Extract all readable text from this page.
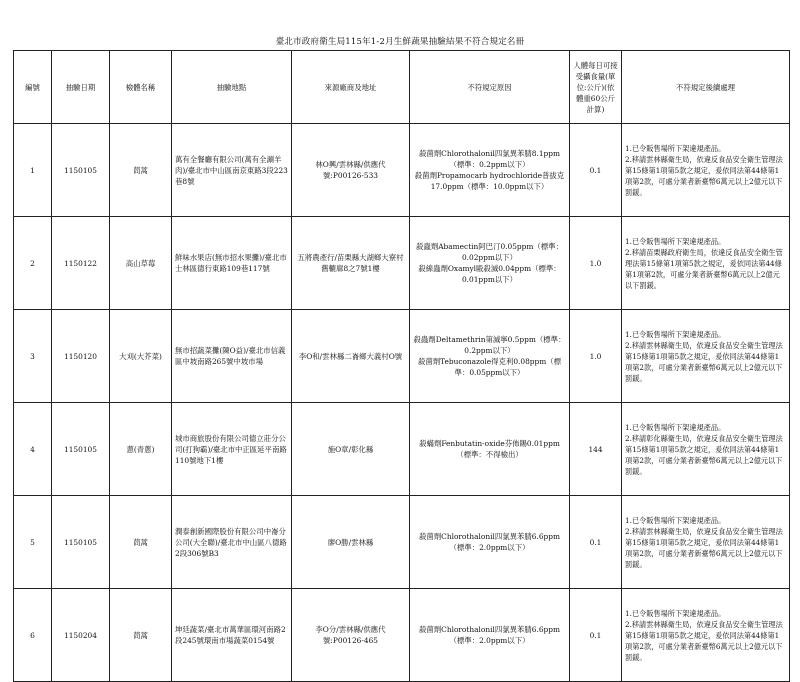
臺北市政府衛生局115年1-2月生鮮蔬果抽驗結果不符合規定名冊
編號	抽驗日期	檢體名稱	抽驗地點	來源廠商及地址	不符規定原因	人體每日可接受攝食量(單位:公斤)(依體重60公斤計算)	不符規定後續處理
1	1150105	茼蒿	萬有全餐廳有限公司(萬有全涮羊肉)/臺北市中山區南京東路3段223巷8號	林O興/雲林縣/供應代號:P00126-533	殺菌劑Chlorothalonil四氯異苯腈8.1ppm（標準：0.2ppm以下）
殺菌劑Propamocarb hydrochloride普拔克17.0ppm（標準：10.0ppm以下）	0.1	1.已令販售場所下架違規產品。
2.移請雲林縣衛生局，依違反食品安全衛生管理法第15條第1項第5款之規定，爰依同法第44條第1項第2款，可處分業者新臺幣6萬元以上2億元以下罰鍰。

2	1150122	高山草莓	鮮味水果店(無市招水果攤)/臺北市士林區德行東路109巷117號	五將農產行/苗栗縣大湖鄉大寮村舊轆廍8之7號1樓	殺蟲劑Abamectin阿巴汀0.05ppm（標準：0.02ppm以下）
殺線蟲劑Oxamyl毆殺滅0.04ppm（標準：0.01ppm以下）	1.0	1.已令販售場所下架違規產品。
2.移請苗栗縣政府衛生局，依違反食品安全衛生管理法第15條第1項第5款之規定，爰依同法第44條第1項第2款，可處分業者新臺幣6萬元以上2億元以下罰鍰。

3	1150120	大刈(大芥菜)	無市招蔬菜攤(陳O益)/臺北市信義區中坡南路265號中坡市場	李O和/雲林縣二崙鄉大義村O號	殺蟲劑Deltamethrin第滅寧0.5ppm（標準：0.2ppm以下）
殺菌劑Tebuconazole得克利0.08ppm（標準：0.05ppm以下）	1.0	1.已令販售場所下架違規產品。
2.移請雲林縣衛生局，依違反食品安全衛生管理法第15條第1項第5款之規定，爰依同法第44條第1項第2款，可處分業者新臺幣6萬元以上2億元以下罰鍰。

4	1150105	蔥(青蔥)	城市商旅股份有限公司德立莊分公司(打狗霸)/臺北市中正區延平南路110號地下1樓	施O章/彰化縣	殺蟎劑Fenbutatin-oxide芬佈賜0.01ppm（標準：不得檢出）	144	1.已令販售場所下架違規產品。
2.移請彰化縣衛生局，依違反食品安全衛生管理法第15條第1項第5款之規定，爰依同法第44條第1項第2款，可處分業者新臺幣6萬元以上2億元以下罰鍰。

5	1150105	茼蒿	潤泰創新國際股份有限公司中崙分公司(大全聯)/臺北市中山區八德路2段306號B3	廖O勝/雲林縣	殺菌劑Chlorothalonil四氯異苯腈6.6ppm（標準：2.0ppm以下）	0.1	1.已令販售場所下架違規產品。
2.移請雲林縣衛生局，依違反食品安全衛生管理法第15條第1項第5款之規定，爰依同法第44條第1項第2款，可處分業者新臺幣6萬元以上2億元以下罰鍰。

6	1150204	茼蒿	坤廷蔬菜/臺北市萬華區環河南路2段245號環南市場蔬菜0154號	李O分/雲林縣/供應代號:P00126-465	殺菌劑Chlorothalonil四氯異苯腈6.6ppm（標準：2.0ppm以下）	0.1	1.已令販售場所下架違規產品。
2.移請雲林縣衛生局，依違反食品安全衛生管理法第15條第1項第5款之規定，爰依同法第44條第1項第2款，可處分業者新臺幣6萬元以上2億元以下罰鍰。
